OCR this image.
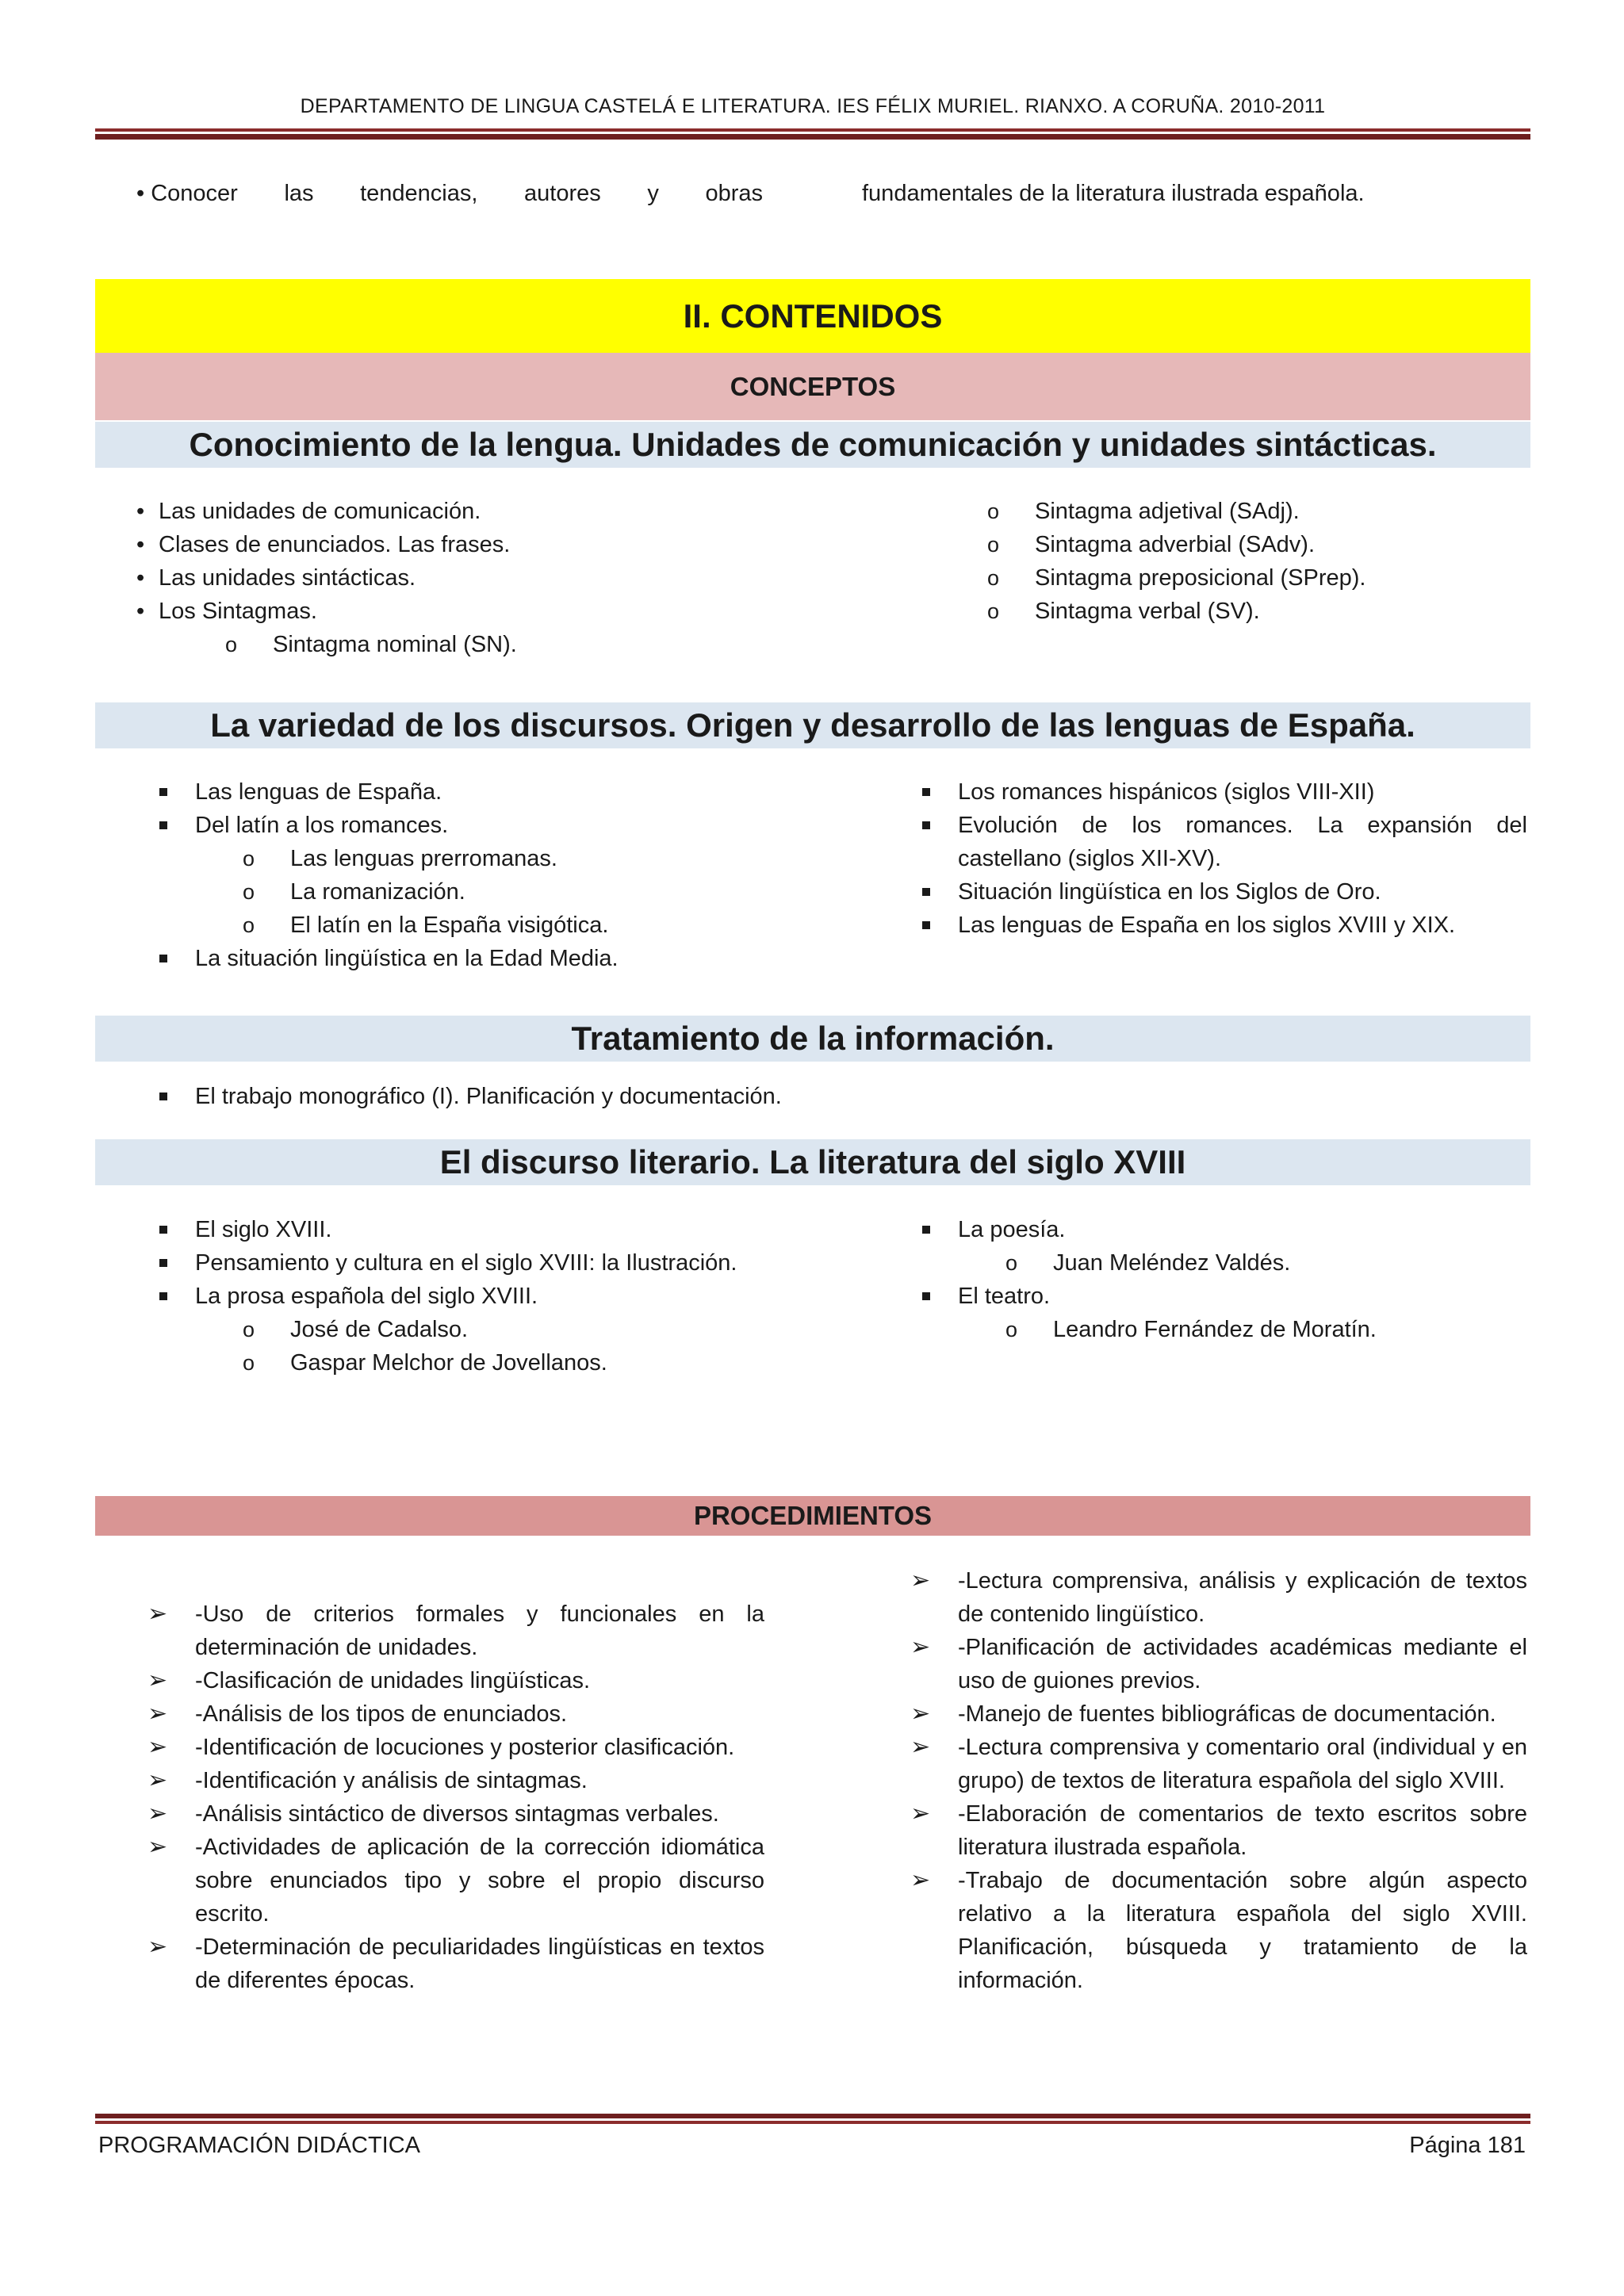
DEPARTAMENTO DE LINGUA CASTELÁ E LITERATURA. IES FÉLIX MURIEL. RIANXO. A CORUÑA. 2010-2011
• Conocer las tendencias, autores y obras	fundamentales de la literatura ilustrada española.
II. CONTENIDOS
CONCEPTOS
Conocimiento de la lengua. Unidades de comunicación y unidades sintácticas.
• Las unidades de comunicación.
• Clases de enunciados. Las frases.
• Las unidades sintácticas.
• Los Sintagmas.
o	Sintagma nominal (SN).
o	Sintagma adjetival (SAdj).
o	Sintagma adverbial (SAdv).
o	Sintagma preposicional (SPrep).
o	Sintagma verbal (SV).
La variedad de los discursos. Origen y desarrollo de las lenguas de España.
Las lenguas de España.
Del latín a los romances.
o	Las lenguas prerromanas.
o	La romanización.
o	El latín en la España visigótica.
La situación lingüística en la Edad Media.
Los romances hispánicos (siglos VIII-XII)
Evolución de los romances. La expansión del castellano (siglos XII-XV).
Situación lingüística en los Siglos de Oro.
Las lenguas de España en los siglos XVIII y XIX.
Tratamiento de la información.
El trabajo monográfico (I). Planificación y documentación.
El discurso literario. La literatura del siglo XVIII
El siglo XVIII.
Pensamiento y cultura en el siglo XVIII: la Ilustración.
La prosa española del siglo XVIII.
o	José de Cadalso.
o	Gaspar Melchor de Jovellanos.
La poesía.
o	Juan Meléndez Valdés.
El teatro.
o	Leandro Fernández de Moratín.
PROCEDIMIENTOS
➢	-Uso de criterios formales y funcionales en la determinación de unidades.
➢	-Clasificación de unidades lingüísticas.
➢	-Análisis de los tipos de enunciados.
➢	-Identificación de locuciones y posterior clasificación.
➢	-Identificación y análisis de sintagmas.
➢	-Análisis sintáctico de diversos sintagmas verbales.
➢	-Actividades de aplicación de la corrección idiomática sobre enunciados tipo y sobre el propio discurso escrito.
➢	-Determinación de peculiaridades lingüísticas en textos de diferentes épocas.
➢	-Lectura comprensiva, análisis y explicación de textos de contenido lingüístico.
➢	-Planificación de actividades académicas mediante el uso de guiones previos.
➢	-Manejo de fuentes bibliográficas de documentación.
➢	-Lectura comprensiva y comentario oral (individual y en grupo) de textos de literatura española del siglo XVIII.
➢	-Elaboración de comentarios de texto escritos sobre literatura ilustrada española.
➢	-Trabajo de documentación sobre algún aspecto relativo a la literatura española del siglo XVIII. Planificación, búsqueda y tratamiento de la información.
PROGRAMACIÓN DIDÁCTICA	Página 181
